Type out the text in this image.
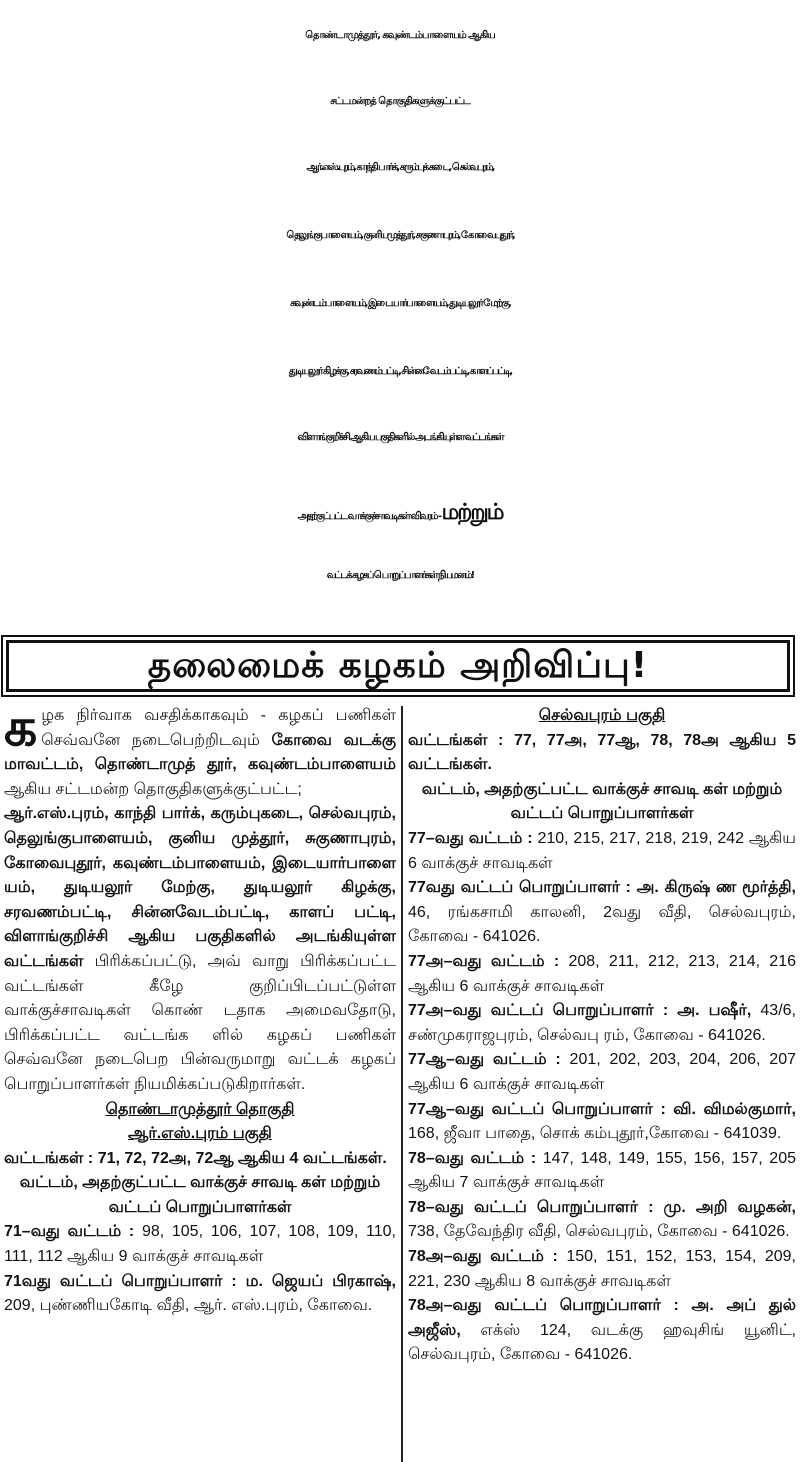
தொண்டாமுத்தூர், கவுண்டம்பாளையம் ஆகிய
சட்டமன்றத் தொகுதிகளுக்குட்பட்ட
ஆர்.எஸ்.புரம், காந்தி பார்க், கரும்புக் கடை, செல்வபுரம்,
தெலுங்குபாளையம், குனியமுத்தூர், சுகுணாபுரம், கோவைபுதூர்,
கவுண்டம்பாளையம், இடையார்பாளையம், துடியலூர் மேற்கு,
துடியலூர் கிழக்கு, சரவணம்பட்டி, சின்னவேடம்பட்டி, காளப்பட்டி,
விளாங்குறிச்சி ஆகிய பகுதிகளில் அடங்கியுள்ள வட்டங்கள்
அதற்குட்பட்ட வாக்குச்சாவடிகள் விவரம் - மற்றும்
வட்டக் கழகப் பொறுப்பாளர்கள் நியமனம்!
தலைமைக் கழகம் அறிவிப்பு!

க ழக நிர்வாக வசதிக்காகவும் - கழகப் பணிகள் செவ்வனே நடைபெற்றிடவும் கோவை வடக்கு மாவட்டம், தொண்டாமுத் தூர், கவுண்டம்பாளையம் ஆகிய சட்டமன்ற தொகுதிகளுக்குட்பட்ட;

ஆர்.எஸ்.புரம், காந்தி பார்க், கரும்புகடை, செல்வபுரம், தெலுங்குபாளையம், குனிய முத்தூர், சுகுணாபுரம், கோவைபுதூர், கவுண்டம்பாளையம், இடையார்பாளை யம், துடியலூர் மேற்கு, துடியலூர் கிழக்கு, சரவணம்பட்டி, சின்னவேடம்பட்டி, காளப் பட்டி, விளாங்குறிச்சி ஆகிய பகுதிகளில் அடங்கியுள்ள வட்டங்கள் பிரிக்கப்பட்டு, அவ் வாறு பிரிக்கப்பட்ட வட்டங்கள் கீழே குறிப்பிடப்பட்டுள்ள வாக்குச்சாவடிகள் கொண் டதாக அமைவதோடு, பிரிக்கப்பட்ட வட்டங்க ளில் கழகப் பணிகள் செவ்வனே நடைபெற பின்வருமாறு வட்டக் கழகப் பொறுப்பாளர்கள் நியமிக்கப்படுகிறார்கள்.

தொண்டாமுத்தூர் தொகுதி

ஆர்.எஸ்.புரம் பகுதி

வட்டங்கள் : 71, 72, 72அ, 72ஆ ஆகிய 4 வட்டங்கள்.

வட்டம், அதற்குட்பட்ட வாக்குச் சாவடி கள் மற்றும் வட்டப் பொறுப்பாளர்கள்

71–வது வட்டம் : 98, 105, 106, 107, 108, 109, 110, 111, 112 ஆகிய 9 வாக்குச் சாவடிகள்

71வது வட்டப் பொறுப்பாளர் : ம. ஜெயப் பிரகாஷ், 209, புண்ணியகோடி வீதி, ஆர். எஸ்.புரம், கோவை.

செல்வபுரம் பகுதி

வட்டங்கள் : 77, 77அ, 77ஆ, 78, 78அ ஆகிய 5 வட்டங்கள்.

வட்டம், அதற்குட்பட்ட வாக்குச் சாவடி கள் மற்றும் வட்டப் பொறுப்பாளர்கள்

77–வது வட்டம் : 210, 215, 217, 218, 219, 242 ஆகிய 6 வாக்குச் சாவடிகள்

77வது வட்டப் பொறுப்பாளர் : அ. கிருஷ் ண மூர்த்தி, 46, ரங்கசாமி காலனி, 2வது வீதி, செல்வபுரம், கோவை - 641026.

77அ–வது வட்டம் : 208, 211, 212, 213, 214, 216 ஆகிய 6 வாக்குச் சாவடிகள்

77அ–வது வட்டப் பொறுப்பாளர் : அ. பஷீர், 43/6, சண்முகராஜபுரம், செல்வபு ரம், கோவை - 641026.

77ஆ–வது வட்டம் : 201, 202, 203, 204, 206, 207 ஆகிய 6 வாக்குச் சாவடிகள்

77ஆ–வது வட்டப் பொறுப்பாளர் : வி. விமல்குமார், 168, ஜீவா பாதை, சொக் கம்புதூர்,கோவை - 641039.

78–வது வட்டம் : 147, 148, 149, 155, 156, 157, 205 ஆகிய 7 வாக்குச் சாவடிகள்

78–வது வட்டப் பொறுப்பாளர் : மு. அறி வழகன், 738, தேவேந்திர வீதி, செல்வபுரம், கோவை - 641026.

78அ–வது வட்டம் : 150, 151, 152, 153, 154, 209, 221, 230 ஆகிய 8 வாக்குச் சாவடிகள்

78அ–வது வட்டப் பொறுப்பாளர் : அ. அப் துல் அஜீஸ், எக்ஸ் 124, வடக்கு ஹவுசிங் யூனிட், செல்வபுரம், கோவை - 641026.
